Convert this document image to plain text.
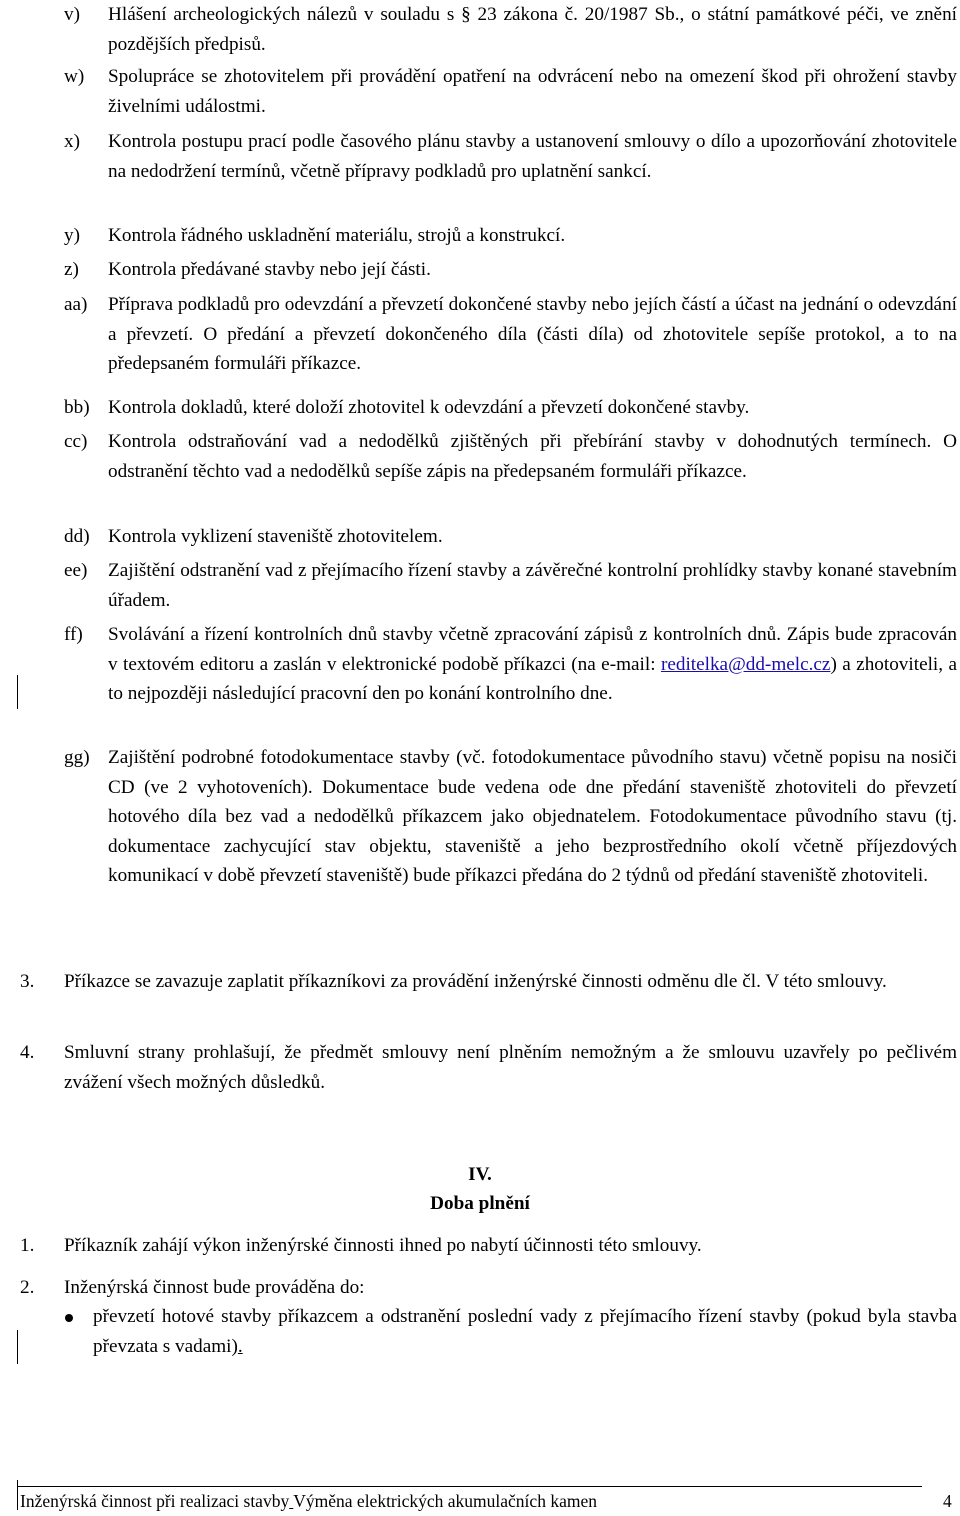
v) Hlášení archeologických nálezů v souladu s § 23 zákona č. 20/1987 Sb., o státní památkové péči, ve znění pozdějších předpisů.
w) Spolupráce se zhotovitelem při provádění opatření na odvrácení nebo na omezení škod při ohrožení stavby živelními událostmi.
x) Kontrola postupu prací podle časového plánu stavby a ustanovení smlouvy o dílo a upozorňování zhotovitele na nedodržení termínů, včetně přípravy podkladů pro uplatnění sankcí.
y) Kontrola řádného uskladnění materiálu, strojů a konstrukcí.
z) Kontrola předávané stavby nebo její části.
aa) Příprava podkladů pro odevzdání a převzetí dokončené stavby nebo jejích částí a účast na jednání o odevzdání a převzetí. O předání a převzetí dokončeného díla (části díla) od zhotovitele sepíše protokol, a to na předepsaném formuláři příkazce.
bb) Kontrola dokladů, které doloží zhotovitel k odevzdání a převzetí dokončené stavby.
cc) Kontrola odstraňování vad a nedodělků zjištěných při přebírání stavby v dohodnutých termínech. O odstranění těchto vad a nedodělků sepíše zápis na předepsaném formuláři příkazce.
dd) Kontrola vyklizení staveniště zhotovitelem.
ee) Zajištění odstranění vad z přejímacího řízení stavby a závěrečné kontrolní prohlídky stavby konané stavebním úřadem.
ff) Svolávání a řízení kontrolních dnů stavby včetně zpracování zápisů z kontrolních dnů. Zápis bude zpracován v textovém editoru a zaslán v elektronické podobě příkazci (na e-mail: reditelka@dd-melc.cz) a zhotoviteli, a to nejpozději následující pracovní den po konání kontrolního dne.
gg) Zajištění podrobné fotodokumentace stavby (vč. fotodokumentace původního stavu) včetně popisu na nosiči CD (ve 2 vyhotoveních). Dokumentace bude vedena ode dne předání staveniště zhotoviteli do převzetí hotového díla bez vad a nedodělků příkazcem jako objednatelem. Fotodokumentace původního stavu (tj. dokumentace zachycující stav objektu, staveniště a jeho bezprostředního okolí včetně příjezdových komunikací v době převzetí staveniště) bude příkazci předána do 2 týdnů od předání staveniště zhotoviteli.
3. Příkazce se zavazuje zaplatit příkazníkovi za provádění inženýrské činnosti odměnu dle čl. V této smlouvy.
4. Smluvní strany prohlašují, že předmět smlouvy není plněním nemožným a že smlouvu uzavřely po pečlivém zvážení všech možných důsledků.
IV.
Doba plnění
1. Příkazník zahájí výkon inženýrské činnosti ihned po nabytí účinnosti této smlouvy.
2. Inženýrská činnost bude prováděna do:
převzetí hotové stavby příkazcem a odstranění poslední vady z přejímacího řízení stavby (pokud byla stavba převzata s vadami).
Inženýrská činnost při realizaci stavby Výměna elektrických akumulačních kamen	4
